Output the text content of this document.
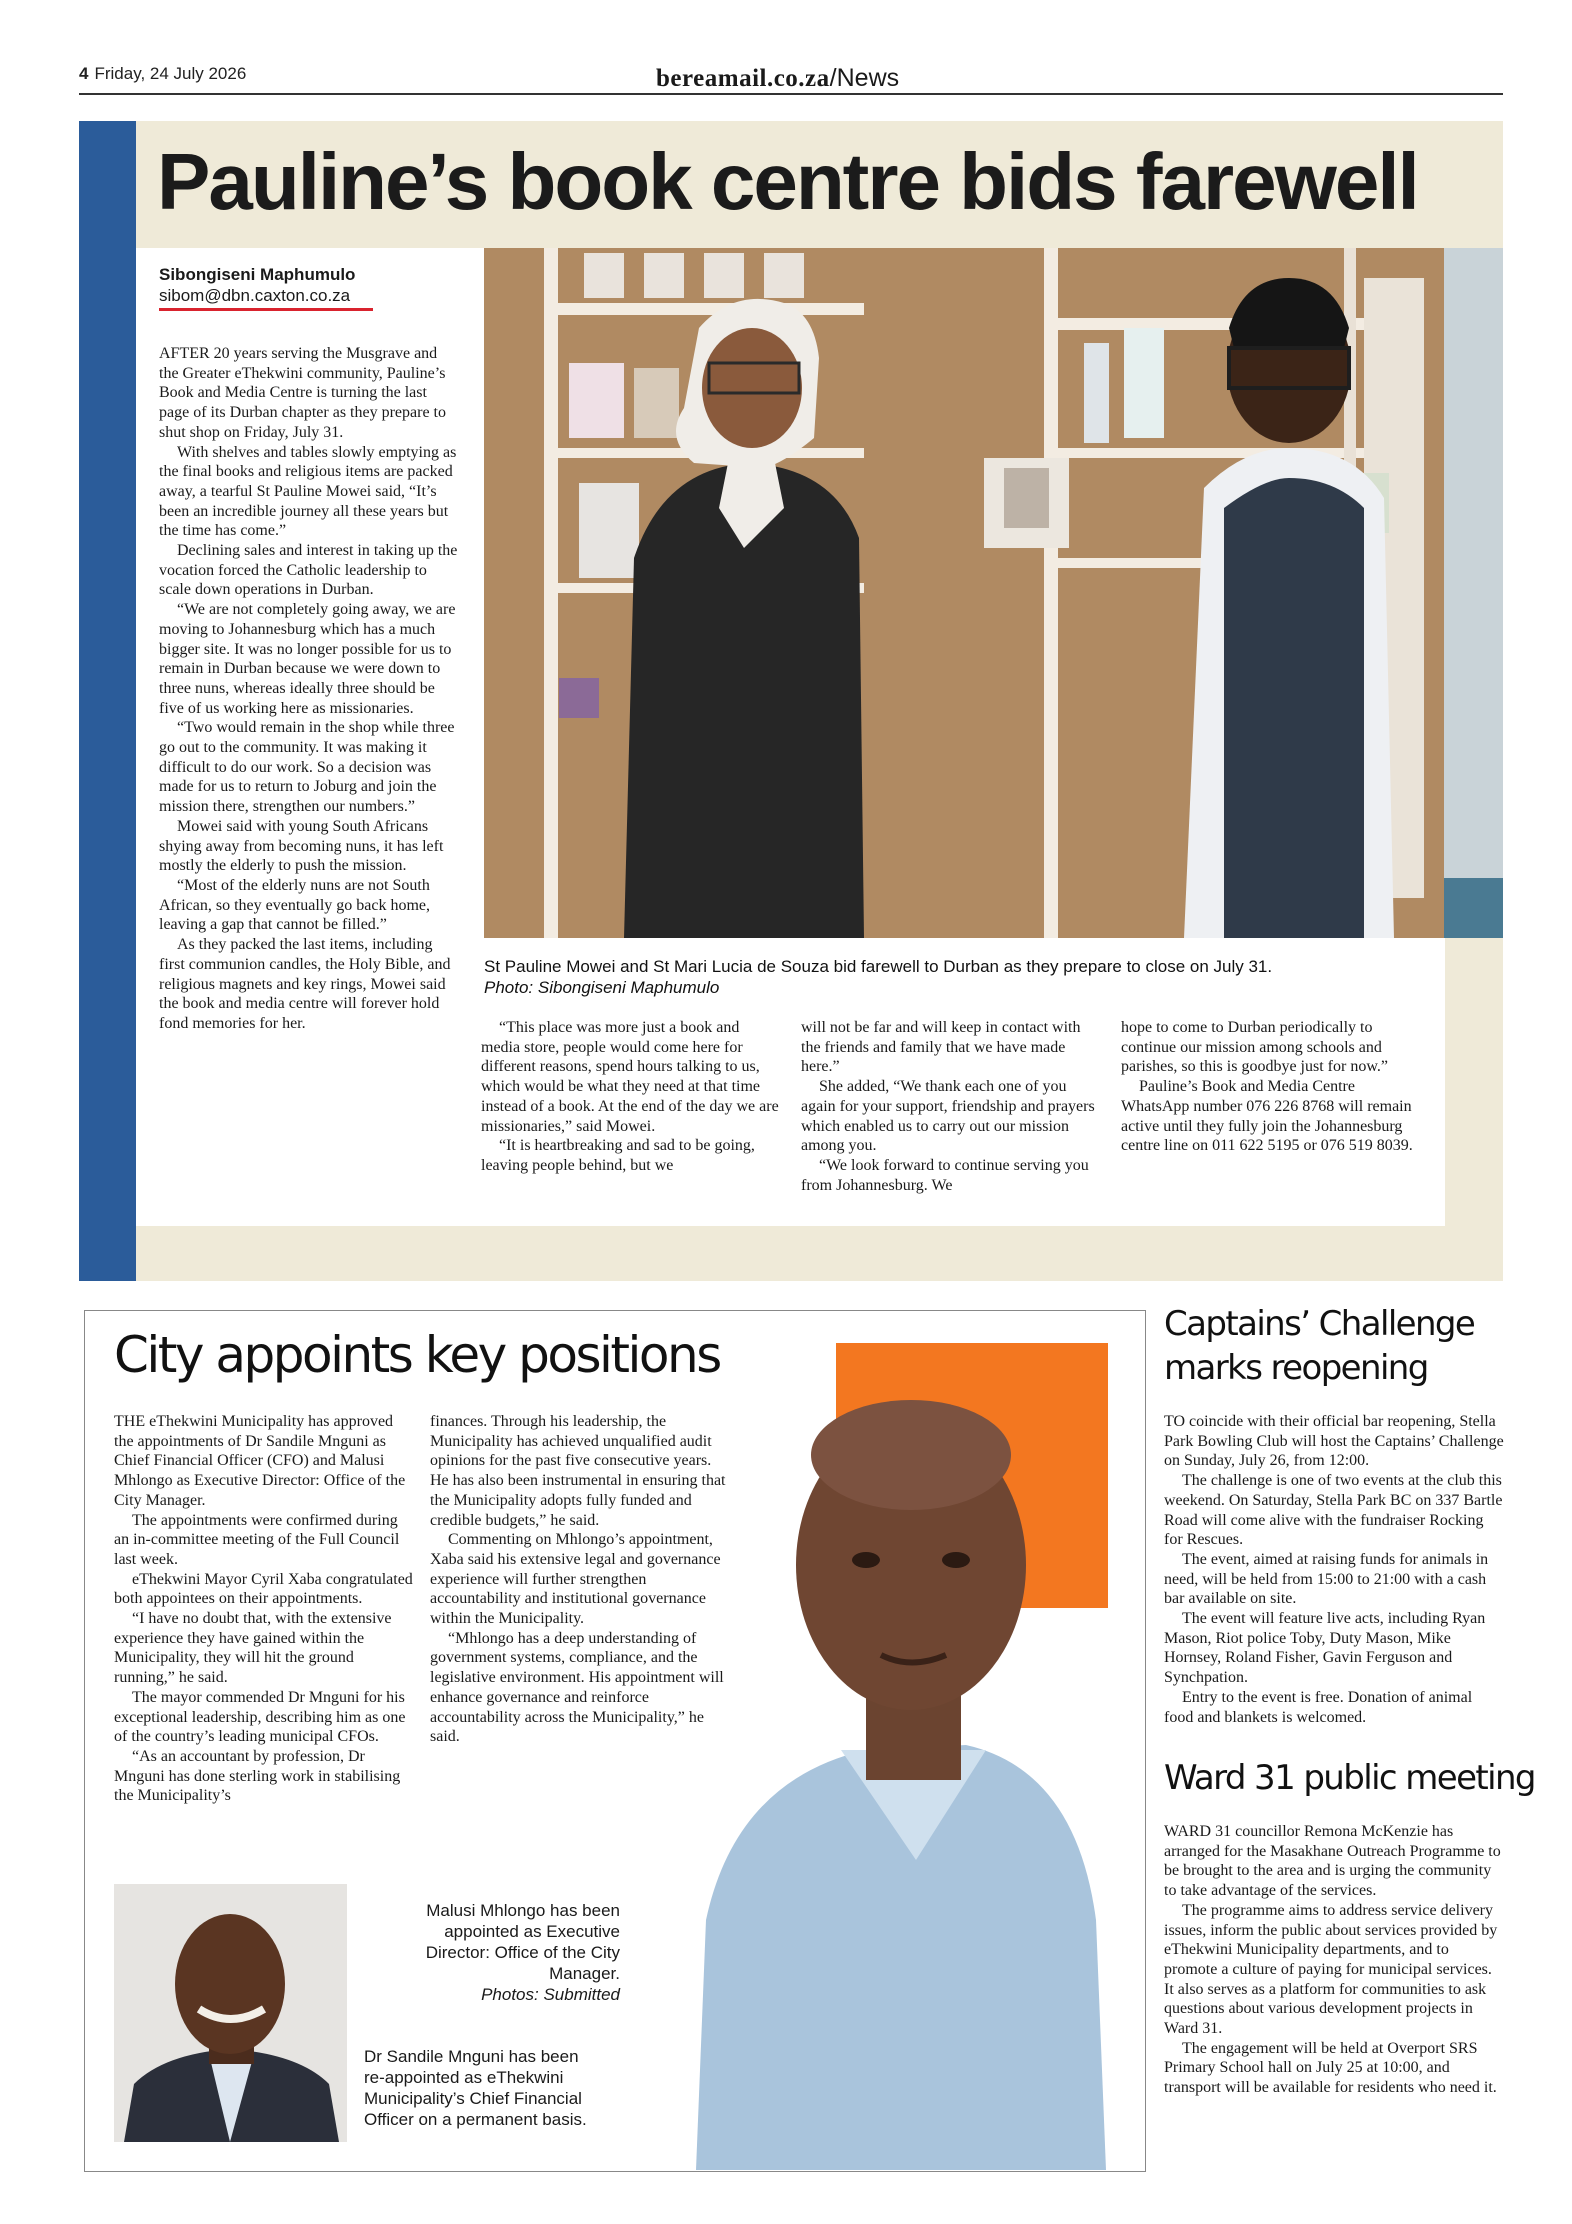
4 Friday, 24 July 2026	bereamail.co.za/News
Pauline’s book centre bids farewell
Sibongiseni Maphumulo
sibom@dbn.caxton.co.za

AFTER 20 years serving the Musgrave and the Greater eThekwini community, Pauline’s Book and Media Centre is turning the last page of its Durban chapter as they prepare to shut shop on Friday, July 31.

With shelves and tables slowly emptying as the final books and religious items are packed away, a tearful St Pauline Mowei said, “It’s been an incredible journey all these years but the time has come.”

Declining sales and interest in taking up the vocation forced the Catholic leadership to scale down operations in Durban.

“We are not completely going away, we are moving to Johannesburg which has a much bigger site. It was no longer possible for us to remain in Durban because we were down to three nuns, whereas ideally three should be five of us working here as missionaries.

“Two would remain in the shop while three go out to the community. It was making it difficult to do our work. So a decision was made for us to return to Joburg and join the mission there, strengthen our numbers.”

Mowei said with young South Africans shying away from becoming nuns, it has left mostly the elderly to push the mission.

“Most of the elderly nuns are not South African, so they eventually go back home, leaving a gap that cannot be filled.”

As they packed the last items, including first communion candles, the Holy Bible, and religious magnets and key rings, Mowei said the book and media centre will forever hold fond memories for her.

St Pauline Mowei and St Mari Lucia de Souza bid farewell to Durban as they prepare to close on July 31.
Photo: Sibongiseni Maphumulo

“This place was more just a book and media store, people would come here for different reasons, spend hours talking to us, which would be what they need at that time instead of a book. At the end of the day we are missionaries,” said Mowei.

“It is heartbreaking and sad to be going, leaving people behind, but we

will not be far and will keep in contact with the friends and family that we have made here.”

She added, “We thank each one of you again for your support, friendship and prayers which enabled us to carry out our mission among you.

“We look forward to continue serving you from Johannesburg. We

hope to come to Durban periodically to continue our mission among schools and parishes, so this is goodbye just for now.”

Pauline’s Book and Media Centre WhatsApp number 076 226 8768 will remain active until they fully join the Johannesburg centre line on 011 622 5195 or 076 519 8039.

City appoints key positions

THE eThekwini Municipality has approved the appointments of Dr Sandile Mnguni as Chief Financial Officer (CFO) and Malusi Mhlongo as Executive Director: Office of the City Manager.

The appointments were confirmed during an in-committee meeting of the Full Council last week.

eThekwini Mayor Cyril Xaba congratulated both appointees on their appointments.

“I have no doubt that, with the extensive experience they have gained within the Municipality, they will hit the ground running,” he said.

The mayor commended Dr Mnguni for his exceptional leadership, describing him as one of the country’s leading municipal CFOs.

“As an accountant by profession, Dr Mnguni has done sterling work in stabilising the Municipality’s

finances. Through his leadership, the Municipality has achieved unqualified audit opinions for the past five consecutive years. He has also been instrumental in ensuring that the Municipality adopts fully funded and credible budgets,” he said.

Commenting on Mhlongo’s appointment, Xaba said his extensive legal and governance experience will further strengthen accountability and institutional governance within the Municipality.

“Mhlongo has a deep understanding of government systems, compliance, and the legislative environment. His appointment will enhance governance and reinforce accountability across the Municipality,” he said.

Malusi Mhlongo has been appointed as Executive Director: Office of the City Manager.
Photos: Submitted
Dr Sandile Mnguni has been re-appointed as eThekwini Municipality’s Chief Financial Officer on a permanent basis.
Captains’ Challenge marks reopening

TO coincide with their official bar reopening, Stella Park Bowling Club will host the Captains’ Challenge on Sunday, July 26, from 12:00.

The challenge is one of two events at the club this weekend. On Saturday, Stella Park BC on 337 Bartle Road will come alive with the fundraiser Rocking for Rescues.

The event, aimed at raising funds for animals in need, will be held from 15:00 to 21:00 with a cash bar available on site.

The event will feature live acts, including Ryan Mason, Riot police Toby, Duty Mason, Mike Hornsey, Roland Fisher, Gavin Ferguson and Synchpation.

Entry to the event is free. Donation of animal food and blankets is welcomed.

Ward 31 public meeting

WARD 31 councillor Remona McKenzie has arranged for the Masakhane Outreach Programme to be brought to the area and is urging the community to take advantage of the services.

The programme aims to address service delivery issues, inform the public about services provided by eThekwini Municipality departments, and to promote a culture of paying for municipal services. It also serves as a platform for communities to ask questions about various development projects in Ward 31.

The engagement will be held at Overport SRS Primary School hall on July 25 at 10:00, and transport will be available for residents who need it.
